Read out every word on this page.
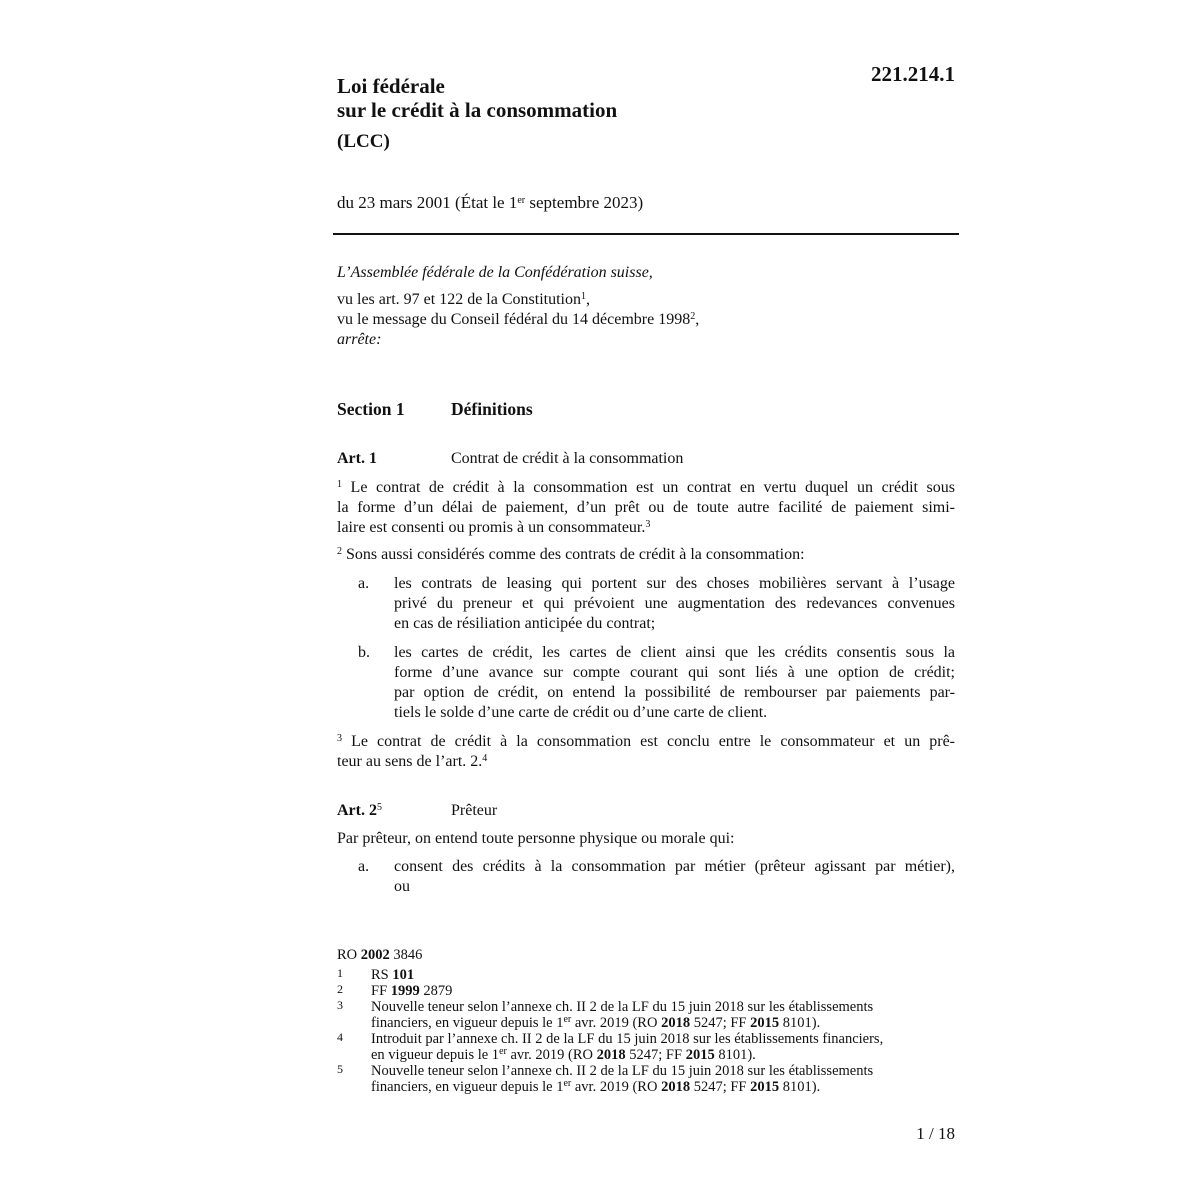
221.214.1
Loi fédérale
sur le crédit à la consommation
(LCC)
du 23 mars 2001 (État le 1er septembre 2023)
L’Assemblée fédérale de la Confédération suisse,
vu les art. 97 et 122 de la Constitution$^1$,
vu le message du Conseil fédéral du 14 décembre 1998$^2$,
arrête:
Section 1	Définitions
Art. 1	Contrat de crédit à la consommation
$^1$ Le contrat de crédit à la consommation est un contrat en vertu duquel un crédit sous
la forme d’un délai de paiement, d’un prêt ou de toute autre facilité de paiement simi-
laire est consenti ou promis à un consommateur.$^3$
$^2$ Sons aussi considérés comme des contrats de crédit à la consommation:
a. les contrats de leasing qui portent sur des choses mobilières servant à l’usage
privé du preneur et qui prévoient une augmentation des redevances convenues
en cas de résiliation anticipée du contrat;
b. les cartes de crédit, les cartes de client ainsi que les crédits consentis sous la
forme d’une avance sur compte courant qui sont liés à une option de crédit;
par option de crédit, on entend la possibilité de rembourser par paiements par-
tiels le solde d’une carte de crédit ou d’une carte de client.
$^3$ Le contrat de crédit à la consommation est conclu entre le consommateur et un prê-
teur au sens de l’art. 2.$^4$
Art. $2^5$	Prêteur
Par prêteur, on entend toute personne physique ou morale qui:
a. consent des crédits à la consommation par métier (prêteur agissant par métier),
ou
RO 2002 3846
1 RS 101
2 FF 1999 2879
3 Nouvelle teneur selon l’annexe ch. II 2 de la LF du 15 juin 2018 sur les établissements
financiers, en vigueur depuis le 1er avr. 2019 (RO 2018 5247; FF 2015 8101).
4 Introduit par l’annexe ch. II 2 de la LF du 15 juin 2018 sur les établissements financiers,
en vigueur depuis le 1er avr. 2019 (RO 2018 5247; FF 2015 8101).
5 Nouvelle teneur selon l’annexe ch. II 2 de la LF du 15 juin 2018 sur les établissements
financiers, en vigueur depuis le 1er avr. 2019 (RO 2018 5247; FF 2015 8101).
1 / 18
